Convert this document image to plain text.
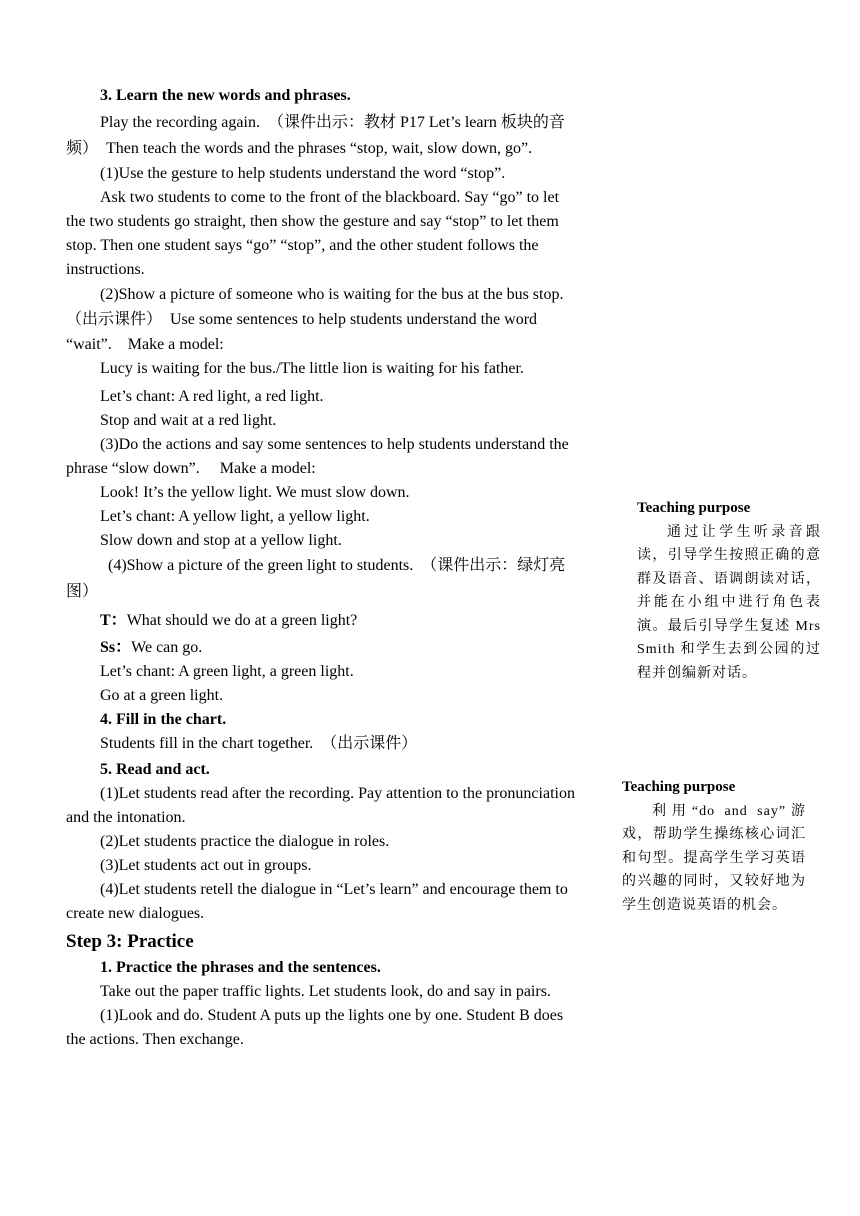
3. Learn the new words and phrases.

Play the recording again.　（课件出示：教材 P17 Let’s learn 板块的音频）　Then teach the words and the phrases “stop, wait, slow down, go”.

(1)Use the gesture to help students understand the word “stop”.

Ask two students to come to the front of the blackboard. Say “go” to let the two students go straight, then show the gesture and say “stop” to let them stop. Then one student says “go” “stop”, and the other student follows the instructions.

(2)Show a picture of someone who is waiting for the bus at the bus stop.（出示课件）　Use some sentences to help students understand the word “wait”.　Make a model:

Lucy is waiting for the bus./The little lion is waiting for his father.

Let’s chant: A red light, a red light.

Stop and wait at a red light.

(3)Do the actions and say some sentences to help students understand the phrase “slow down”.　 Make a model:

Look! It’s the yellow light. We must slow down.

Let’s chant: A yellow light, a yellow light.

Slow down and stop at a yellow light.

(4)Show a picture of the green light to students.　（课件出示：绿灯亮图）

T：What should we do at a green light?

Ss：We can go.

Let’s chant: A green light, a green light.

Go at a green light.

4. Fill in the chart.

Students fill in the chart together.　（出示课件）

5. Read and act.

(1)Let students read after the recording. Pay attention to the pronunciation and the intonation.

(2)Let students practice the dialogue in roles.

(3)Let students act out in groups.

(4)Let students retell the dialogue in “Let’s learn” and encourage them to create new dialogues.

Step 3: Practice

1. Practice the phrases and the sentences.

Take out the paper traffic lights. Let students look, do and say in pairs.

(1)Look and do. Student A puts up the lights one by one. Student B does the actions. Then exchange.

Teaching purpose

通过让学生听录音跟读，引导学生按照正确的意群及语音、语调朗读对话，并能在小组中进行角色表演。最后引导学生复述 Mrs Smith 和学生去到公园的过程并创编新对话。

Teaching purpose

利用“do and say”游戏，帮助学生操练核心词汇和句型。提高学生学习英语的兴趣的同时，又较好地为学生创造说英语的机会。
